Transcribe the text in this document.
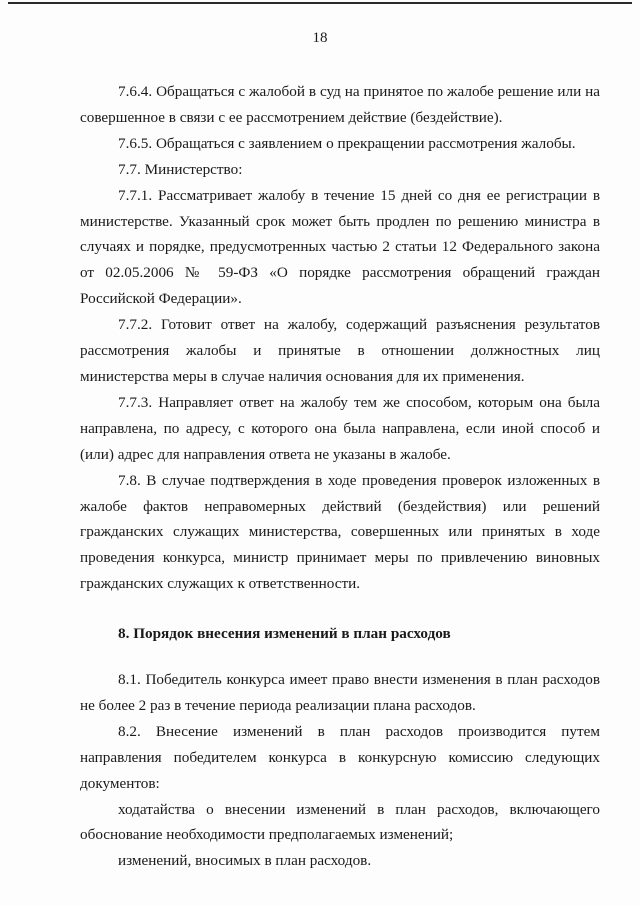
18

7.6.4. Обращаться с жалобой в суд на принятое по жалобе решение или на совершенное в связи с ее рассмотрением действие (бездействие).

7.6.5. Обращаться с заявлением о прекращении рассмотрения жалобы.

7.7. Министерство:

7.7.1. Рассматривает жалобу в течение 15 дней со дня ее регистрации в министерстве. Указанный срок может быть продлен по решению министра в случаях и порядке, предусмотренных частью 2 статьи 12 Федерального закона от 02.05.2006 № 59-ФЗ «О порядке рассмотрения обращений граждан Российской Федерации».

7.7.2. Готовит ответ на жалобу, содержащий разъяснения результатов рассмотрения жалобы и принятые в отношении должностных лиц министерства меры в случае наличия основания для их применения.

7.7.3. Направляет ответ на жалобу тем же способом, которым она была направлена, по адресу, с которого она была направлена, если иной способ и (или) адрес для направления ответа не указаны в жалобе.

7.8. В случае подтверждения в ходе проведения проверок изложенных в жалобе фактов неправомерных действий (бездействия) или решений гражданских служащих министерства, совершенных или принятых в ходе проведения конкурса, министр принимает меры по привлечению виновных гражданских служащих к ответственности.

8. Порядок внесения изменений в план расходов

8.1. Победитель конкурса имеет право внести изменения в план расходов не более 2 раз в течение периода реализации плана расходов.

8.2. Внесение изменений в план расходов производится путем направления победителем конкурса в конкурсную комиссию следующих документов:

ходатайства о внесении изменений в план расходов, включающего обоснование необходимости предполагаемых изменений;

изменений, вносимых в план расходов.
